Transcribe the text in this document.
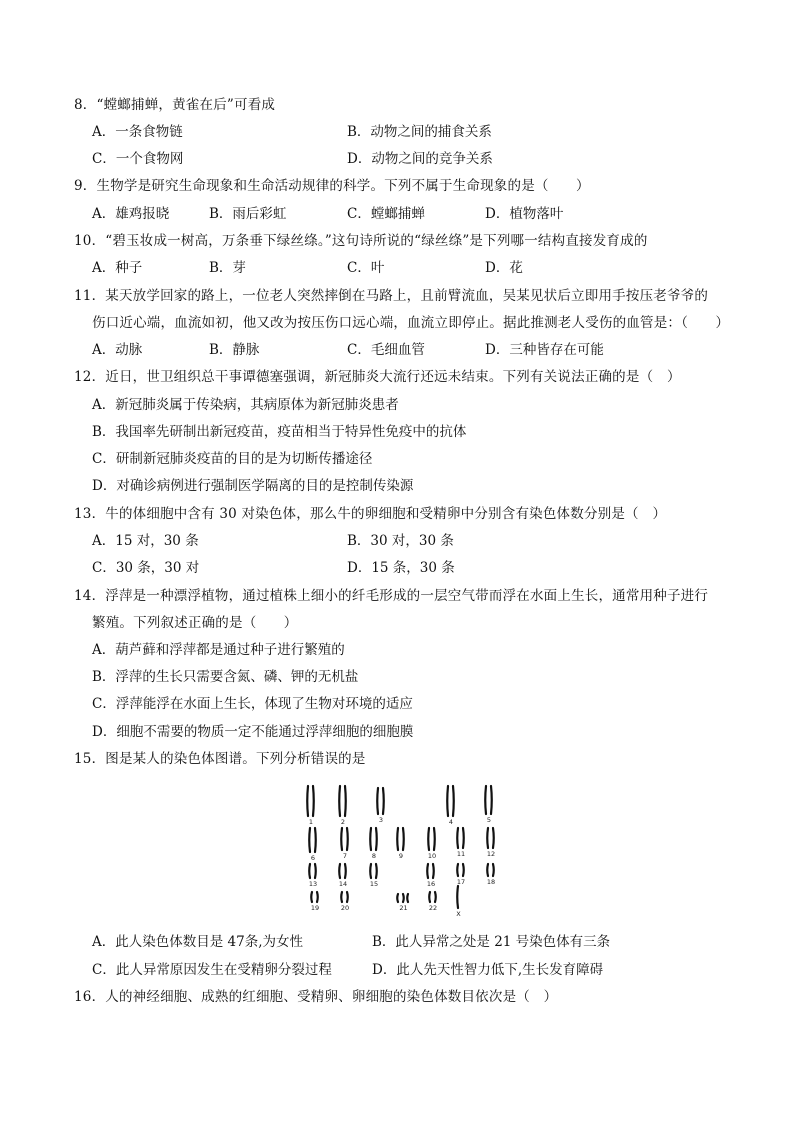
8．“螳螂捕蝉，黄雀在后”可看成
A．一条食物链	B．动物之间的捕食关系
C．一个食物网	D．动物之间的竞争关系
9．生物学是研究生命现象和生命活动规律的科学。下列不属于生命现象的是（　　）
A．雄鸡报晓	B．雨后彩虹	C．螳螂捕蝉	D．植物落叶
10．“碧玉妆成一树高，万条垂下绿丝绦。”这句诗所说的“绿丝绦”是下列哪一结构直接发育成的
A．种子	B．芽	C．叶	D．花
11．某天放学回家的路上，一位老人突然摔倒在马路上，且前臂流血，吴某见状后立即用手按压老爷爷的
伤口近心端，血流如初，他又改为按压伤口远心端，血流立即停止。据此推测老人受伤的血管是：（　　）
A．动脉	B．静脉	C．毛细血管	D．三种皆存在可能
12．近日，世卫组织总干事谭德塞强调，新冠肺炎大流行还远未结束。下列有关说法正确的是（　）
A．新冠肺炎属于传染病，其病原体为新冠肺炎患者
B．我国率先研制出新冠疫苗，疫苗相当于特异性免疫中的抗体
C．研制新冠肺炎疫苗的目的是为切断传播途径
D．对确诊病例进行强制医学隔离的目的是控制传染源
13．牛的体细胞中含有 30 对染色体，那么牛的卵细胞和受精卵中分别含有染色体数分别是（　）
A．15 对，30 条	B．30 对，30 条
C．30 条，30 对	D．15 条，30 条
14．浮萍是一种漂浮植物，通过植株上细小的纤毛形成的一层空气带而浮在水面上生长，通常用种子进行
繁殖。下列叙述正确的是（　　）
A．葫芦藓和浮萍都是通过种子进行繁殖的
B．浮萍的生长只需要含氮、磷、钾的无机盐
C．浮萍能浮在水面上生长，体现了生物对环境的适应
D．细胞不需要的物质一定不能通过浮萍细胞的细胞膜
15．图是某人的染色体图谱。下列分析错误的是
1	2	3	4	5
6	7	8	9	10	11	12
13	14	15	16	17	18
19	20	21	22
X
A．此人染色体数目是 47条,为女性	B．此人异常之处是 21 号染色体有三条
C．此人异常原因发生在受精卵分裂过程	D．此人先天性智力低下,生长发育障碍
16．人的神经细胞、成熟的红细胞、受精卵、卵细胞的染色体数目依次是（　）
